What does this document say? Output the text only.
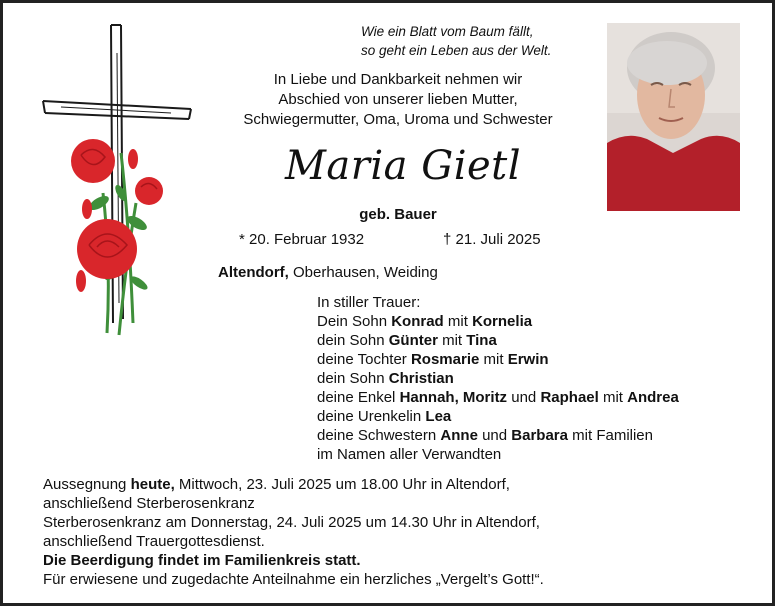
Wie ein Blatt vom Baum fällt,
so geht ein Leben aus der Welt.
In Liebe und Dankbarkeit nehmen wir
Abschied von unserer lieben Mutter,
Schwiegermutter, Oma, Uroma und Schwester
Maria Gietl
geb. Bauer
* 20. Februar 1932	† 21. Juli 2025
Altendorf, Oberhausen, Weiding
In stiller Trauer:
Dein Sohn Konrad mit Kornelia
dein Sohn Günter mit Tina
deine Tochter Rosmarie mit Erwin
dein Sohn Christian
deine Enkel Hannah, Moritz und Raphael mit Andrea
deine Urenkelin Lea
deine Schwestern Anne und Barbara mit Familien
im Namen aller Verwandten
Aussegnung heute, Mittwoch, 23. Juli 2025 um 18.00 Uhr in Altendorf,
anschließend Sterberosenkranz
Sterberosenkranz am Donnerstag, 24. Juli 2025 um 14.30 Uhr in Altendorf,
anschließend Trauergottesdienst.
Die Beerdigung findet im Familienkreis statt.
Für erwiesene und zugedachte Anteilnahme ein herzliches „Vergelt’s Gott!“.
